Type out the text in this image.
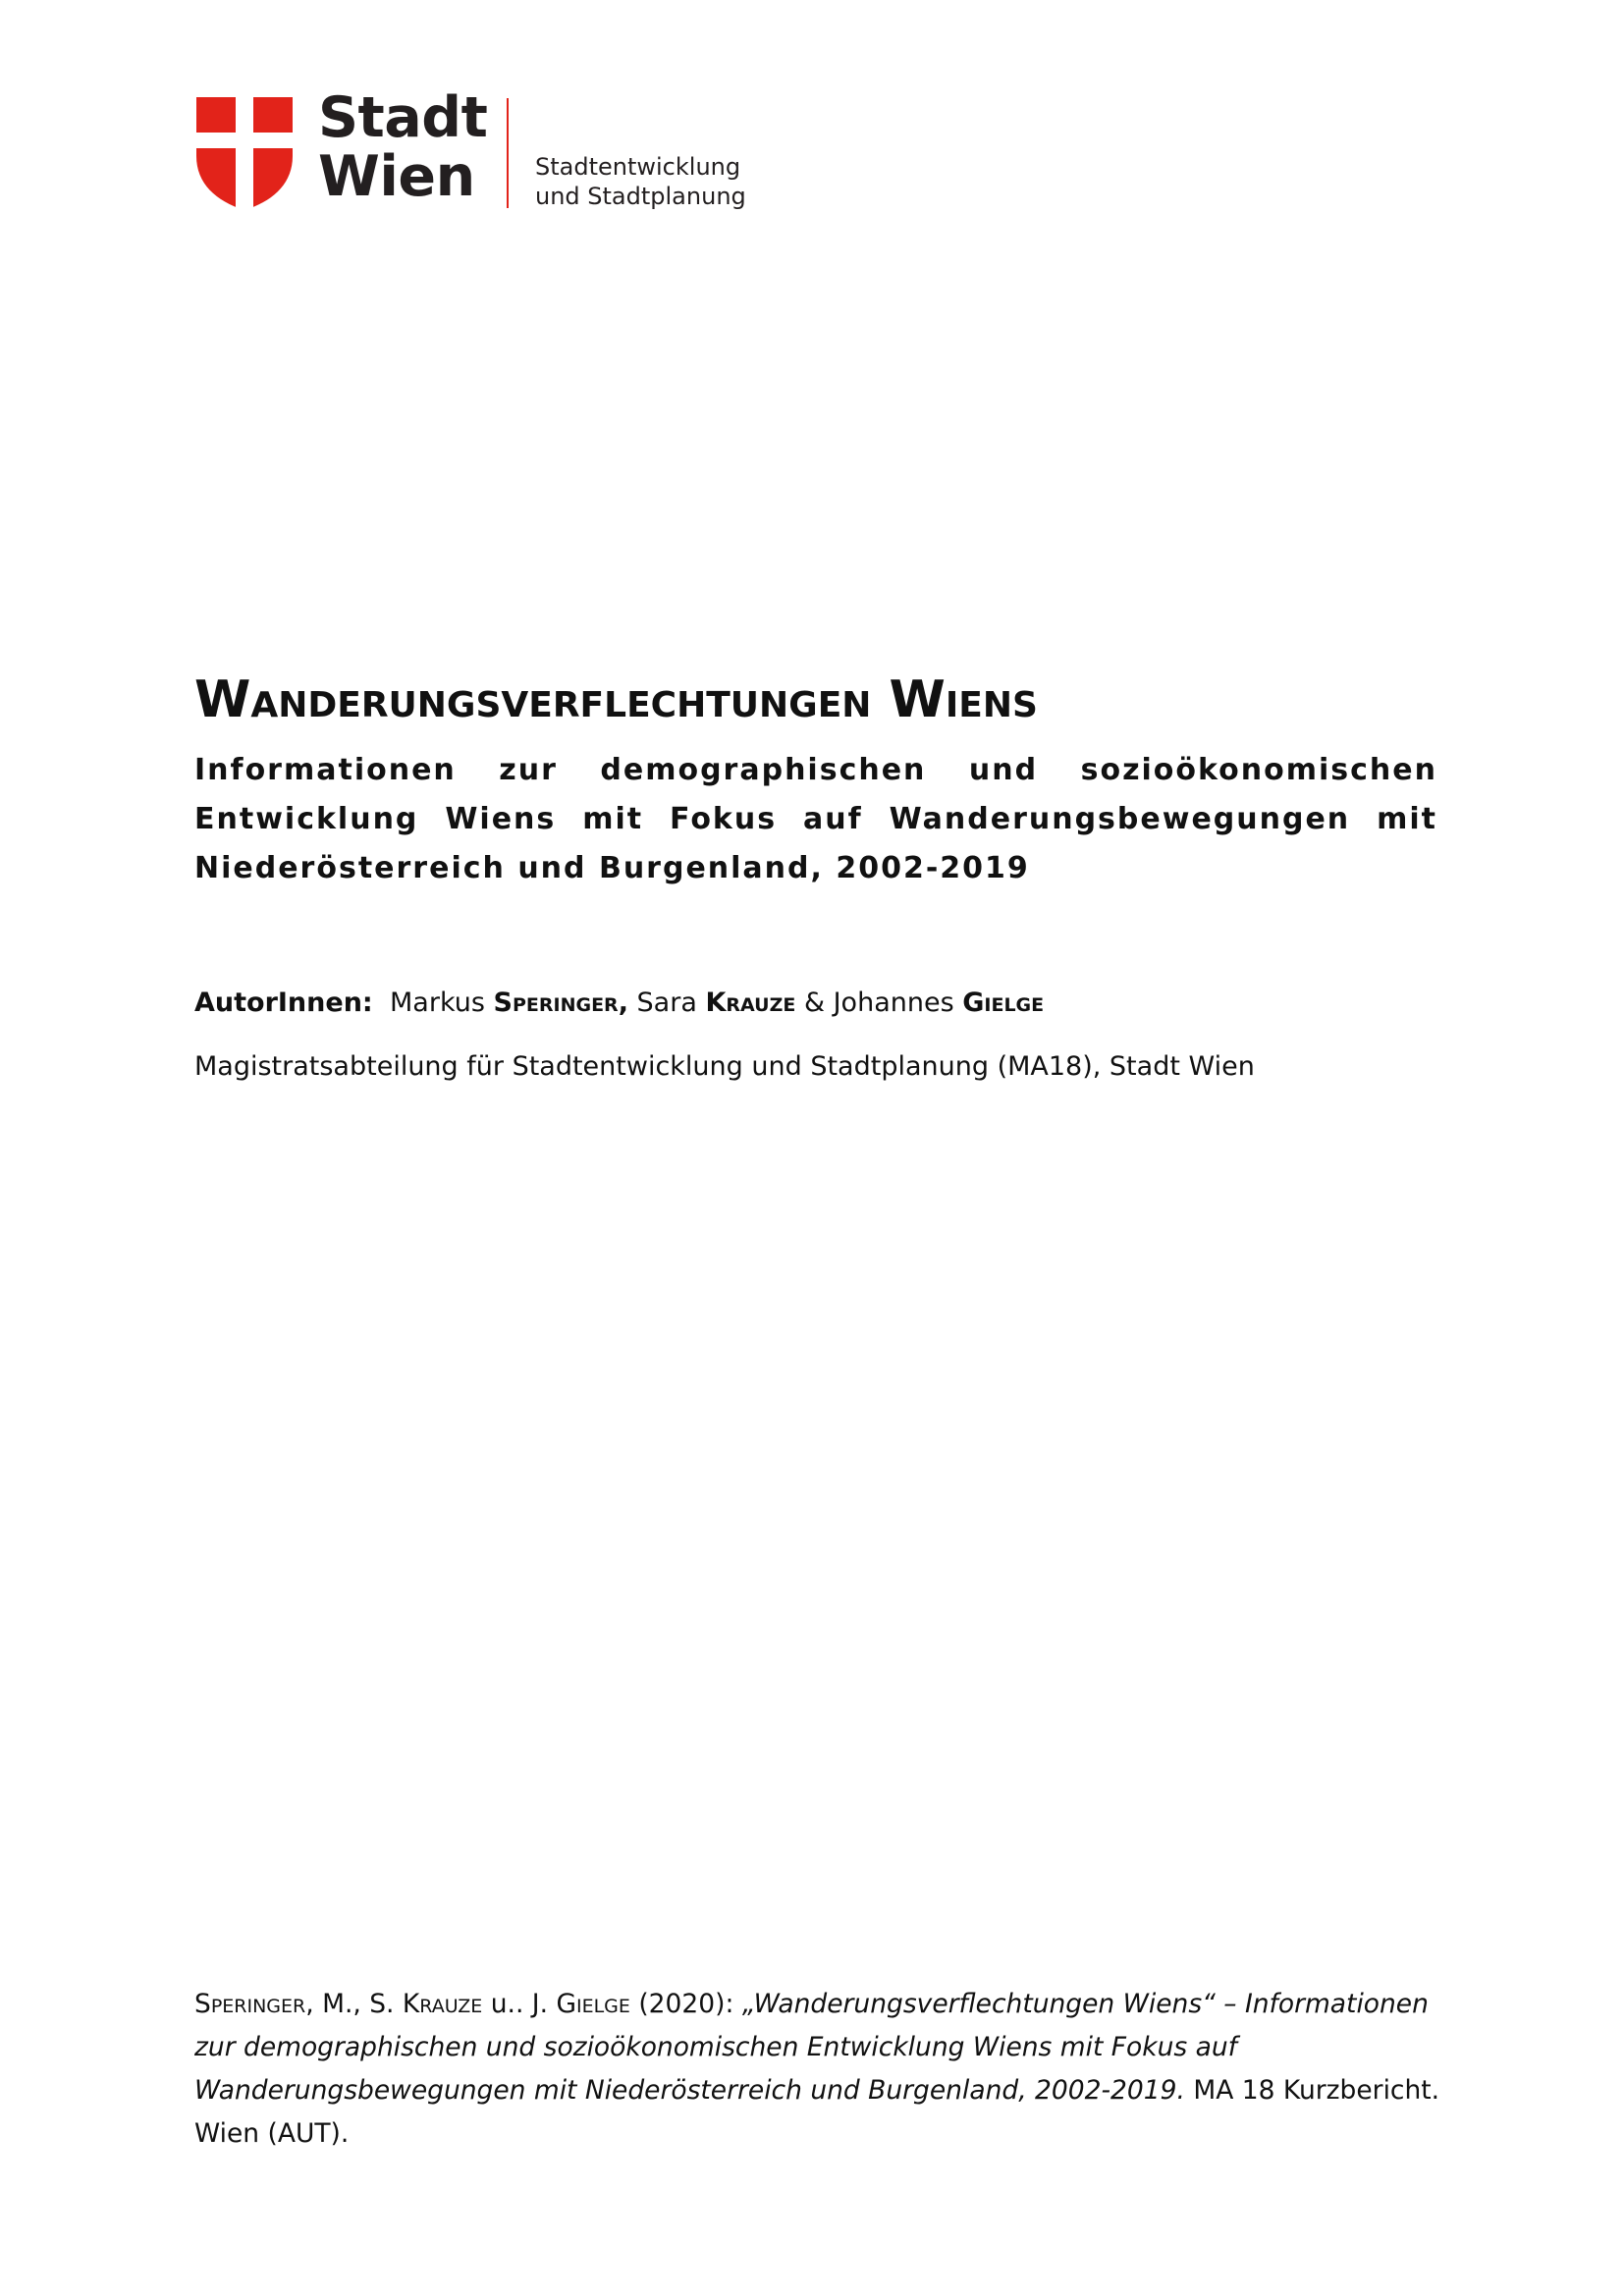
Stadt
Wien	Stadtentwicklung
und Stadtplanung
Wanderungsverflechtungen Wiens

Informationen zur demographischen und sozioökonomischen Entwicklung Wiens mit Fokus auf Wanderungsbewegungen mit Niederösterreich und Burgenland, 2002-2019

AutorInnen: Markus Speringer, Sara Krauze & Johannes Gielge
Magistratsabteilung für Stadtentwicklung und Stadtplanung (MA18), Stadt Wien

Speringer, M., S. Krauze u.. J. Gielge (2020): „Wanderungsverflechtungen Wiens“ – Informationen zur demographischen und sozioökonomischen Entwicklung Wiens mit Fokus auf Wanderungsbewegungen mit Niederösterreich und Burgenland, 2002-2019. MA 18 Kurzbericht. Wien (AUT).
